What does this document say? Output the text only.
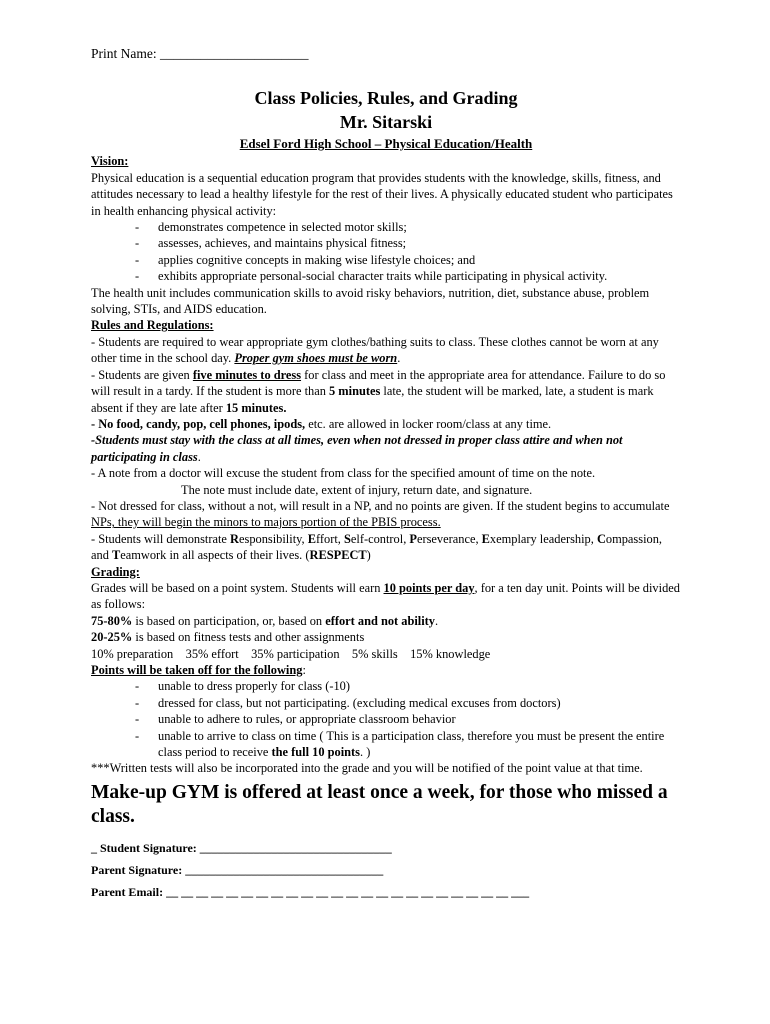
Print Name: ______________________
Class Policies, Rules, and Grading
Mr. Sitarski
Edsel Ford High School – Physical Education/Health
Vision:

Physical education is a sequential education program that provides students with the knowledge, skills, fitness, and attitudes necessary to lead a healthy lifestyle for the rest of their lives. A physically educated student who participates in health enhancing physical activity:

- demonstrates competence in selected motor skills;
- assesses, achieves, and maintains physical fitness;
- applies cognitive concepts in making wise lifestyle choices; and
- exhibits appropriate personal-social character traits while participating in physical activity.

The health unit includes communication skills to avoid risky behaviors, nutrition, diet, substance abuse, problem solving, STIs, and AIDS education.

Rules and Regulations:

- Students are required to wear appropriate gym clothes/bathing suits to class. These clothes cannot be worn at any other time in the school day. Proper gym shoes must be worn.

- Students are given five minutes to dress for class and meet in the appropriate area for attendance. Failure to do so will result in a tardy. If the student is more than 5 minutes late, the student will be marked, late, a student is mark absent if they are late after 15 minutes.

- No food, candy, pop, cell phones, ipods, etc. are allowed in locker room/class at any time.

-Students must stay with the class at all times, even when not dressed in proper class attire and when not participating in class.

- A note from a doctor will excuse the student from class for the specified amount of time on the note.

The note must include date, extent of injury, return date, and signature.

- Not dressed for class, without a not, will result in a NP, and no points are given. If the student begins to accumulate NPs, they will begin the minors to majors portion of the PBIS process.

- Students will demonstrate Responsibility, Effort, Self-control, Perseverance, Exemplary leadership, Compassion, and Teamwork in all aspects of their lives. (RESPECT)

Grading:

Grades will be based on a point system. Students will earn 10 points per day, for a ten day unit. Points will be divided as follows:

75-80% is based on participation, or, based on effort and not ability.

20-25% is based on fitness tests and other assignments

10% preparation    35% effort    35% participation    5% skills    15% knowledge

Points will be taken off for the following:
- unable to dress properly for class (-10)
- dressed for class, but not participating. (excluding medical excuses from doctors)
- unable to adhere to rules, or appropriate classroom behavior
- unable to arrive to class on time ( This is a participation class, therefore you must be present the entire class period to receive the full 10 points. )

***Written tests will also be incorporated into the grade and you will be notified of the point value at that time.

Make-up GYM is offered at least once a week, for those who missed a class.
_ Student Signature: ________________________________
Parent Signature: _________________________________
Parent Email: __ __ __ __ __ __ __ __ __ __ __ __ __ __ __ __ __ __ __ __ __ __ __ ___
